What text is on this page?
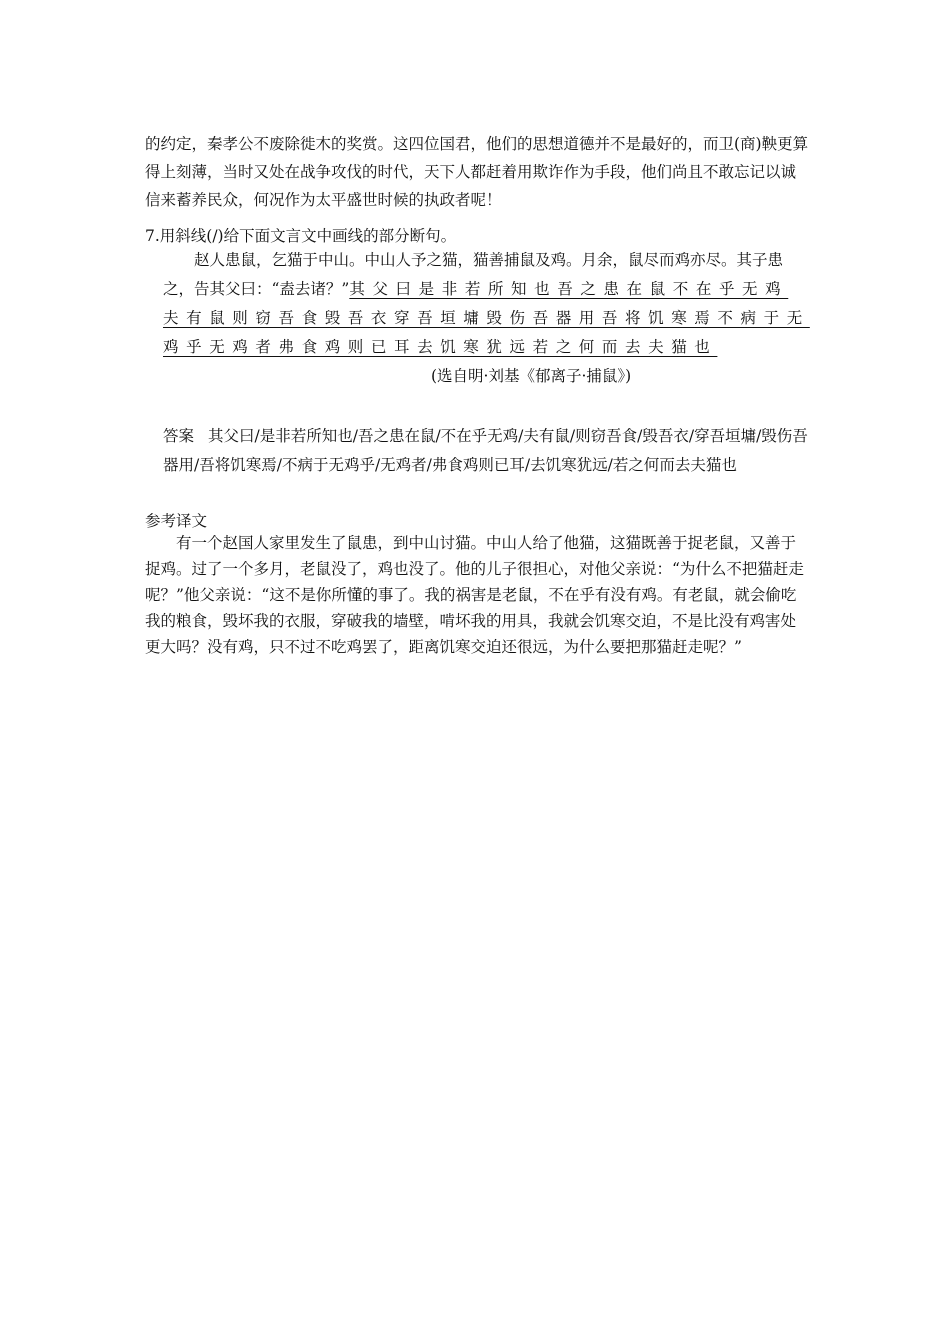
的约定，秦孝公不废除徙木的奖赏。这四位国君，他们的思想道德并不是最好的，而卫(商)鞅更算得上刻薄，当时又处在战争攻伐的时代，天下人都赶着用欺诈作为手段，他们尚且不敢忘记以诚信来蓄养民众，何况作为太平盛世时候的执政者呢！
7.用斜线(/)给下面文言文中画线的部分断句。
赵人患鼠，乞猫于中山。中山人予之猫，猫善捕鼠及鸡。月余，鼠尽而鸡亦尽。其子患之，告其父曰：“盍去诸？”其父曰是非若所知也吾之患在鼠不在乎无鸡夫有鼠则窃吾食毁吾衣穿吾垣墉毁伤吾器用吾将饥寒焉不病于无鸡乎无鸡者弗食鸡则已耳去饥寒犹远若之何而去夫猫也(选自明·刘基《郁离子·捕鼠》)
答案 其父曰/是非若所知也/吾之患在鼠/不在乎无鸡/夫有鼠/则窃吾食/毁吾衣/穿吾垣墉/毁伤吾器用/吾将饥寒焉/不病于无鸡乎/无鸡者/弗食鸡则已耳/去饥寒犹远/若之何而去夫猫也
参考译文
有一个赵国人家里发生了鼠患，到中山讨猫。中山人给了他猫，这猫既善于捉老鼠，又善于捉鸡。过了一个多月，老鼠没了，鸡也没了。他的儿子很担心，对他父亲说：“为什么不把猫赶走呢？”他父亲说：“这不是你所懂的事了。我的祸害是老鼠，不在乎有没有鸡。有老鼠，就会偷吃我的粮食，毁坏我的衣服，穿破我的墙壁，啃坏我的用具，我就会饥寒交迫，不是比没有鸡害处更大吗？没有鸡，只不过不吃鸡罢了，距离饥寒交迫还很远，为什么要把那猫赶走呢？”
